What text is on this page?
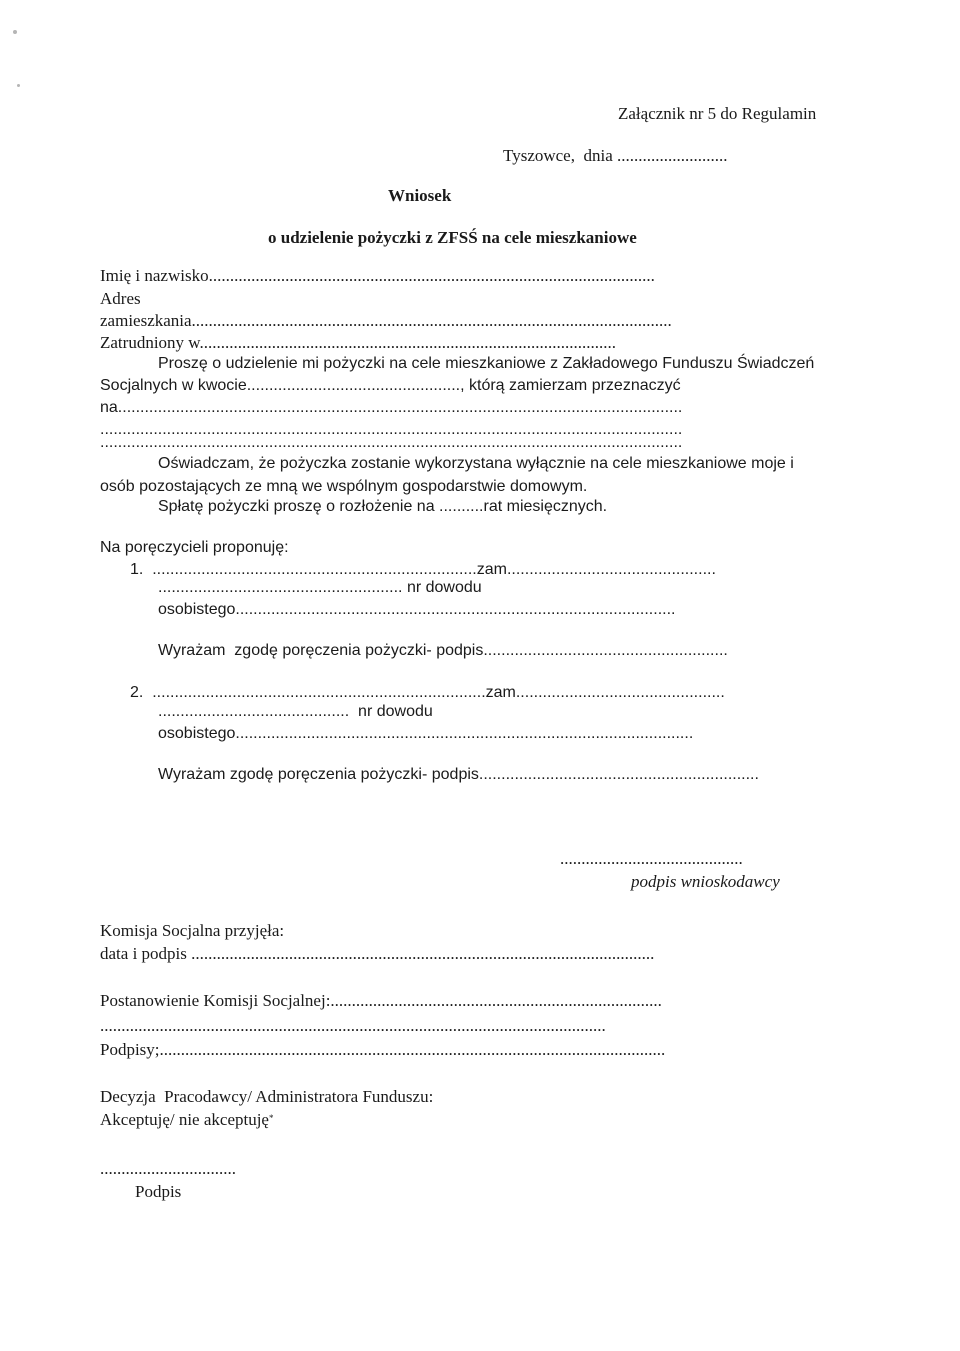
Załącznik nr 5 do Regulamin
Tyszowce,  dnia ..........................
Wniosek
o udzielenie pożyczki z ZFSŚ na cele mieszkaniowe
Imię i nazwisko.........................................................................................................
Adres
zamieszkania.................................................................................................................
Zatrudniony w..................................................................................................
Proszę o udzielenie mi pożyczki na cele mieszkaniowe z Zakładowego Funduszu Świadczeń
Socjalnych w kwocie................................................, którą zamierzam przeznaczyć
na...............................................................................................................................
...................................................................................................................................
...................................................................................................................................
Oświadczam, że pożyczka zostanie wykorzystana wyłącznie na cele mieszkaniowe moje i
osób pozostających ze mną we wspólnym gospodarstwie domowym.
Spłatę pożyczki proszę o rozłożenie na ..........rat miesięcznych.
Na poręczycieli proponuję:
1.  .........................................................................zam...............................................
....................................................... nr dowodu
osobistego...................................................................................................
Wyrażam  zgodę poręczenia pożyczki- podpis.......................................................
2.  ...........................................................................zam...............................................
...........................................  nr dowodu
osobistego.......................................................................................................
Wyrażam zgodę poręczenia pożyczki- podpis...............................................................
...........................................
podpis wnioskodawcy
Komisja Socjalna przyjęła:
data i podpis .............................................................................................................
Postanowienie Komisji Socjalnej:..............................................................................
.......................................................................................................................
Podpisy;.......................................................................................................................
Decyzja  Pracodawcy/ Administratora Funduszu:
Akceptuję/ nie akceptuję*
................................
Podpis
